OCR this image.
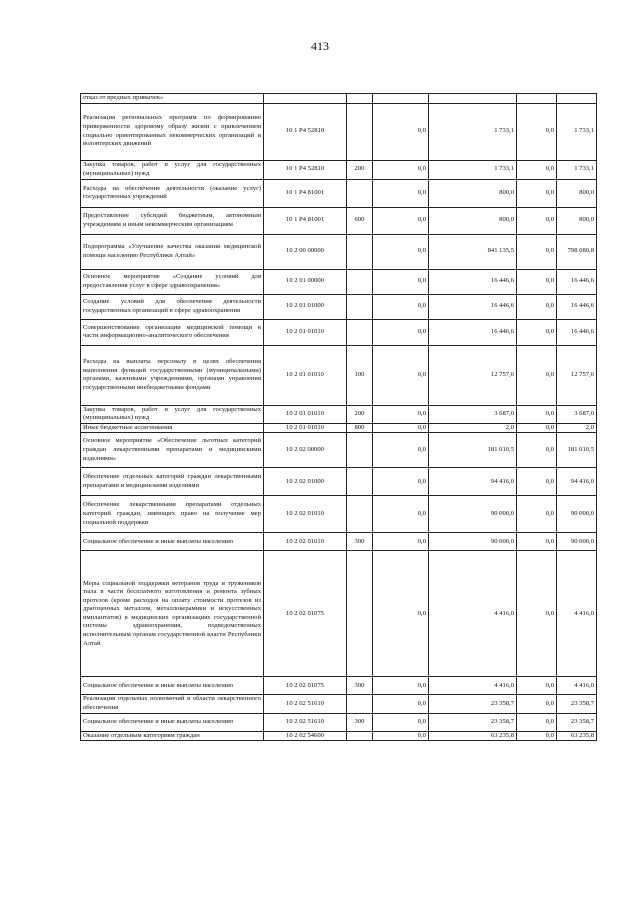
413
отказ от вредных привычек»						
Реализация региональных программ по формированию приверженности здоровому образу жизни с привлечением социально ориентированных некоммерческих организаций и волонтерских движений	10 1 Р4 52810		0,0	1 733,1	0,0	1 733,1
Закупка товаров, работ и услуг для государственных (муниципальных) нужд	10 1 Р4 52810	200	0,0	1 733,1	0,0	1 733,1
Расходы на обеспечение деятельности (оказание услуг) государственных учреждений	10 1 Р4 81001		0,0	800,0	0,0	800,0
Предоставление субсидий бюджетным, автономным учреждениям и иным некоммерческим организациям	10 1 Р4 81001	600	0,0	800,0	0,0	800,0
Подпрограмма «Улучшение качества оказания медицинской помощи населению Республики Алтай»	10 2 00 00000		0,0	841 135,5	0,0	798 080,8
Основное мероприятие «Создание условий для предоставления услуг в сфере здравоохранения»	10 2 01 00000		0,0	16 446,6	0,0	16 446,6
Создание условий для обеспечения деятельности государственных организаций в сфере здравоохранения	10 2 01 01000		0,0	16 446,6	0,0	16 446,6
Совершенствование организации медицинской помощи в части информационно-аналитического обеспечения	10 2 01 01010		0,0	16 446,6	0,0	16 446,6
Расходы на выплаты персоналу в целях обеспечения выполнения функций государственными (муниципальными) органами, казенными учреждениями, органами управления государственными внебюджетными фондами	10 2 01 01010	100	0,0	12 757,6	0,0	12 757,6
Закупка товаров, работ и услуг для государственных (муниципальных) нужд	10 2 01 01010	200	0,0	3 687,0	0,0	3 687,0
Иные бюджетные ассигнования	10 2 01 01010	800	0,0	2,0	0,0	2,0
Основное мероприятие «Обеспечение льготных категорий граждан лекарственными препаратами и медицинскими изделиями»	10 2 02 00000		0,0	181 010,5	0,0	181 010,5
Обеспечение отдельных категорий граждан лекарственными препаратами и медицинскими изделиями	10 2 02 01000		0,0	94 416,0	0,0	94 416,0
Обеспечение лекарственными препаратами отдельных категорий граждан, имеющих право на получение мер социальной поддержки	10 2 02 01010		0,0	90 000,0	0,0	90 000,0
Социальное обеспечение и иные выплаты населению	10 2 02 01010	300	0,0	90 000,0	0,0	90 000,0
Меры социальной поддержки ветеранов труда и тружеников тыла в части бесплатного изготовления и ремонта зубных протезов (кроме расходов на оплату стоимости протезов из драгоценных металлов, металлокерамики и искусственных имплантатов) в медицинских организациях государственной системы здравоохранения, подведомственных исполнительным органам государственной власти Республики Алтай	10 2 02 01075		0,0	4 416,0	0,0	4 416,0
Социальное обеспечение и иные выплаты населению	10 2 02 01075	300	0,0	4 416,0	0,0	4 416,0
Реализация отдельных полномочий в области лекарственного обеспечения	10 2 02 51610		0,0	23 358,7	0,0	23 358,7
Социальное обеспечение и иные выплаты населению	10 2 02 51610	300	0,0	23 358,7	0,0	23 358,7
Оказание отдельным категориям граждан	10 2 02 54600		0,0	63 235,8	0,0	63 235,8
